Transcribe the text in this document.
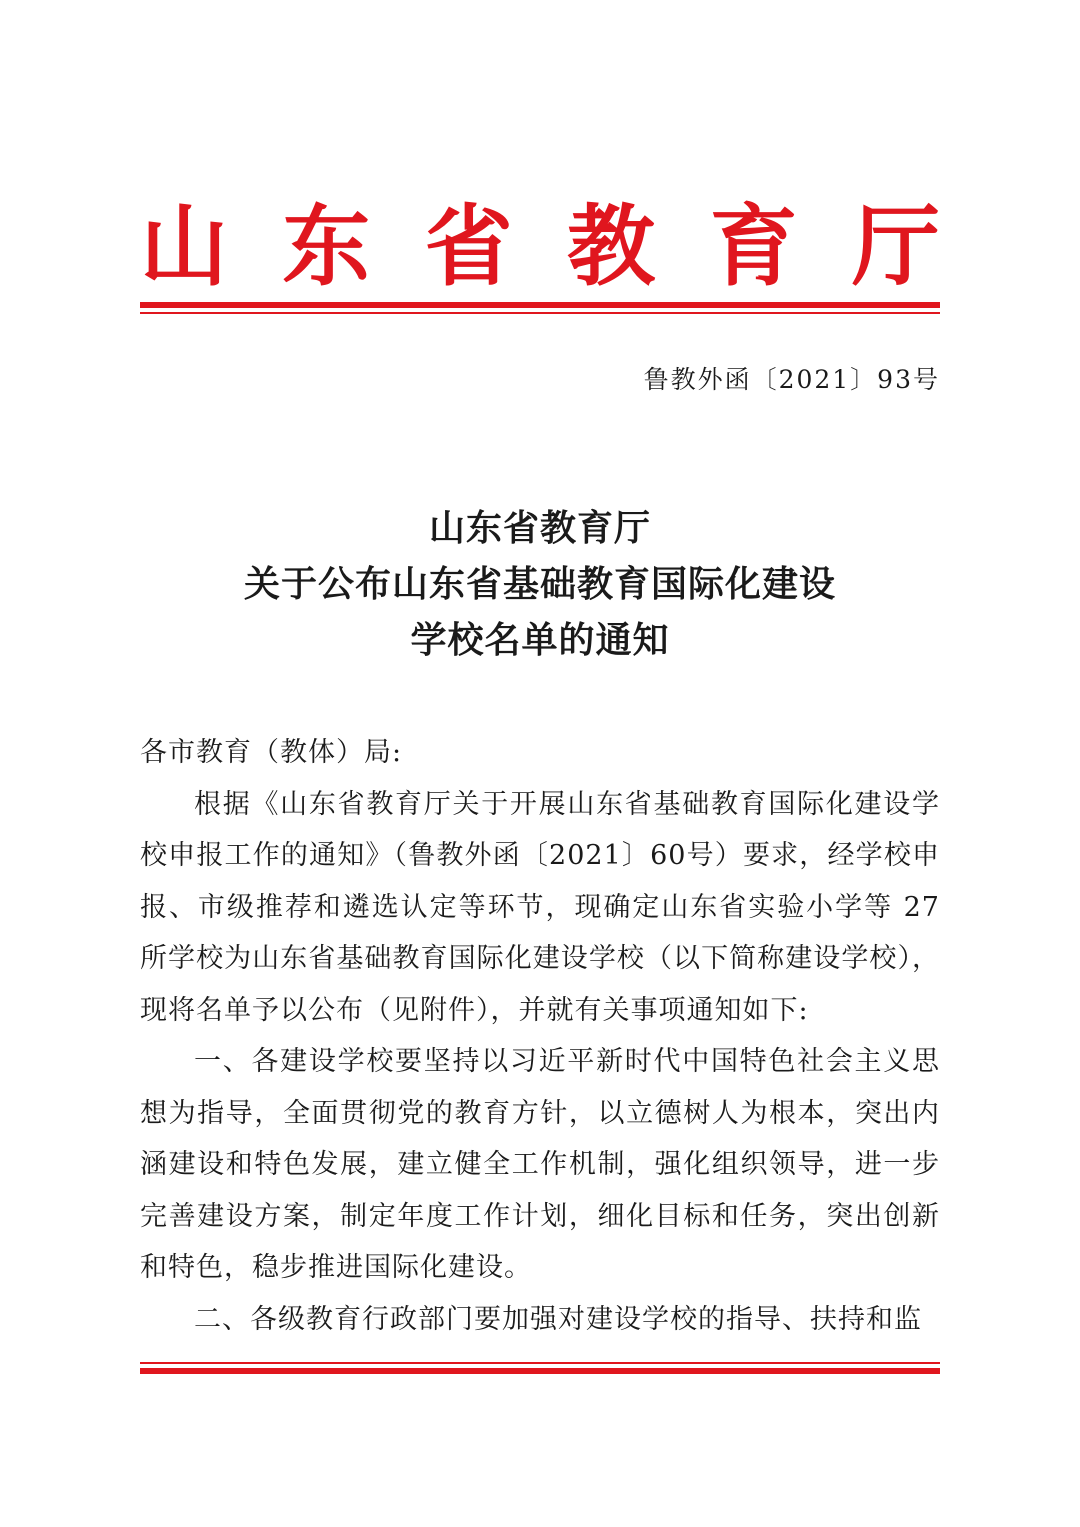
山 东 省 教 育 厅
鲁教外函〔2021〕93号
山东省教育厅
关于公布山东省基础教育国际化建设
学校名单的通知

各市教育（教体）局:

根据《山东省教育厅关于开展山东省基础教育国际化建设学校申报工作的通知》（鲁教外函〔2021〕60号）要求，经学校申报、市级推荐和遴选认定等环节，现确定山东省实验小学等 27所学校为山东省基础教育国际化建设学校（以下简称建设学校），现将名单予以公布（见附件），并就有关事项通知如下:

一、各建设学校要坚持以习近平新时代中国特色社会主义思想为指导，全面贯彻党的教育方针，以立德树人为根本，突出内涵建设和特色发展，建立健全工作机制，强化组织领导，进一步完善建设方案，制定年度工作计划，细化目标和任务，突出创新和特色，稳步推进国际化建设。

二、各级教育行政部门要加强对建设学校的指导、扶持和监
